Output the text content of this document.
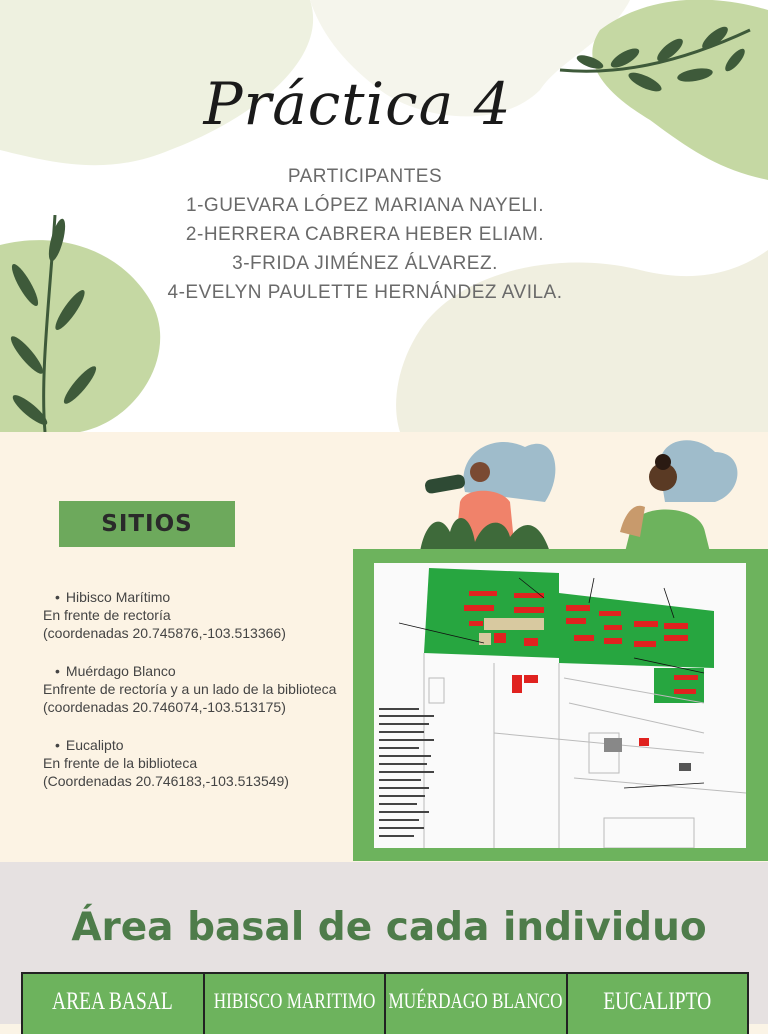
Práctica 4
PARTICIPANTES
1-GUEVARA LÓPEZ MARIANA NAYELI.
2-HERRERA CABRERA HEBER ELIAM.
3-FRIDA JIMÉNEZ ÁLVAREZ.
4-EVELYN PAULETTE HERNÁNDEZ AVILA.
SITIOS
• Hibisco Marítimo
En frente de rectoría
(coordenadas 20.745876,-103.513366)
• Muérdago Blanco
Enfrente de rectoría y a un lado de la biblioteca
(coordenadas 20.746074,-103.513175)
• Eucalipto
En frente de la biblioteca
(Coordenadas 20.746183,-103.513549)
Área basal de cada individuo
AREA BASAL HIBISCO MARITIMO MUÉRDAGO BLANCO EUCALIPTO
